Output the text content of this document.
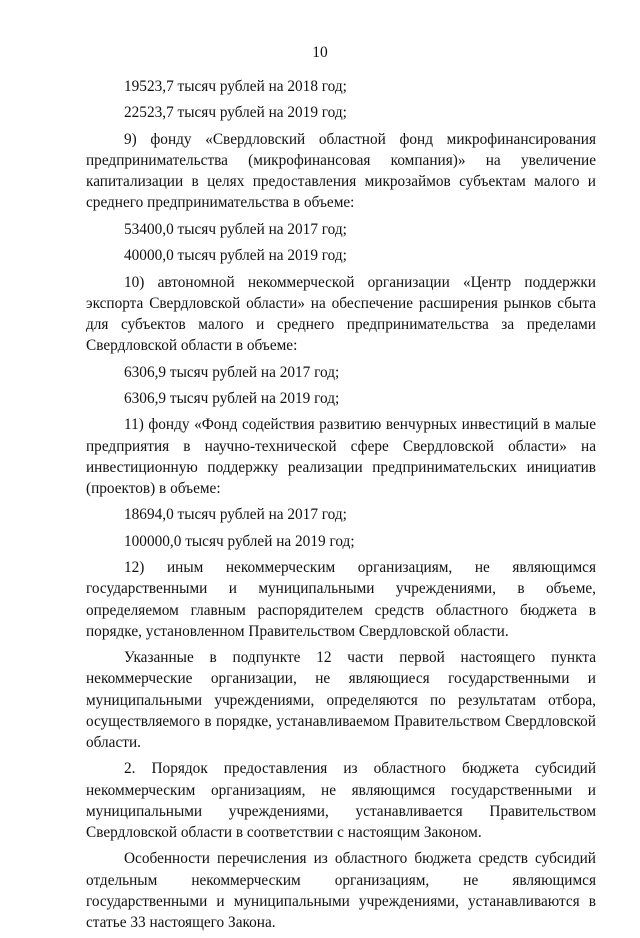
10

19523,7 тысяч рублей на 2018 год;

22523,7 тысяч рублей на 2019 год;

9) фонду «Свердловский областной фонд микрофинансирования предпринимательства (микрофинансовая компания)» на увеличение капитализации в целях предоставления микрозаймов субъектам малого и среднего предпринимательства в объеме:

53400,0 тысяч рублей на 2017 год;

40000,0 тысяч рублей на 2019 год;

10) автономной некоммерческой организации «Центр поддержки экспорта Свердловской области» на обеспечение расширения рынков сбыта для субъектов малого и среднего предпринимательства за пределами Свердловской области в объеме:

6306,9 тысяч рублей на 2017 год;

6306,9 тысяч рублей на 2019 год;

11) фонду «Фонд содействия развитию венчурных инвестиций в малые предприятия в научно-технической сфере Свердловской области» на инвестиционную поддержку реализации предпринимательских инициатив (проектов) в объеме:

18694,0 тысяч рублей на 2017 год;

100000,0 тысяч рублей на 2019 год;

12) иным некоммерческим организациям, не являющимся государственными и муниципальными учреждениями, в объеме, определяемом главным распорядителем средств областного бюджета в порядке, установленном Правительством Свердловской области.

Указанные в подпункте 12 части первой настоящего пункта некоммерческие организации, не являющиеся государственными и муниципальными учреждениями, определяются по результатам отбора, осуществляемого в порядке, устанавливаемом Правительством Свердловской области.

2. Порядок предоставления из областного бюджета субсидий некоммерческим организациям, не являющимся государственными и муниципальными учреждениями, устанавливается Правительством Свердловской области в соответствии с настоящим Законом.

Особенности перечисления из областного бюджета средств субсидий отдельным некоммерческим организациям, не являющимся государственными и муниципальными учреждениями, устанавливаются в статье 33 настоящего Закона.
